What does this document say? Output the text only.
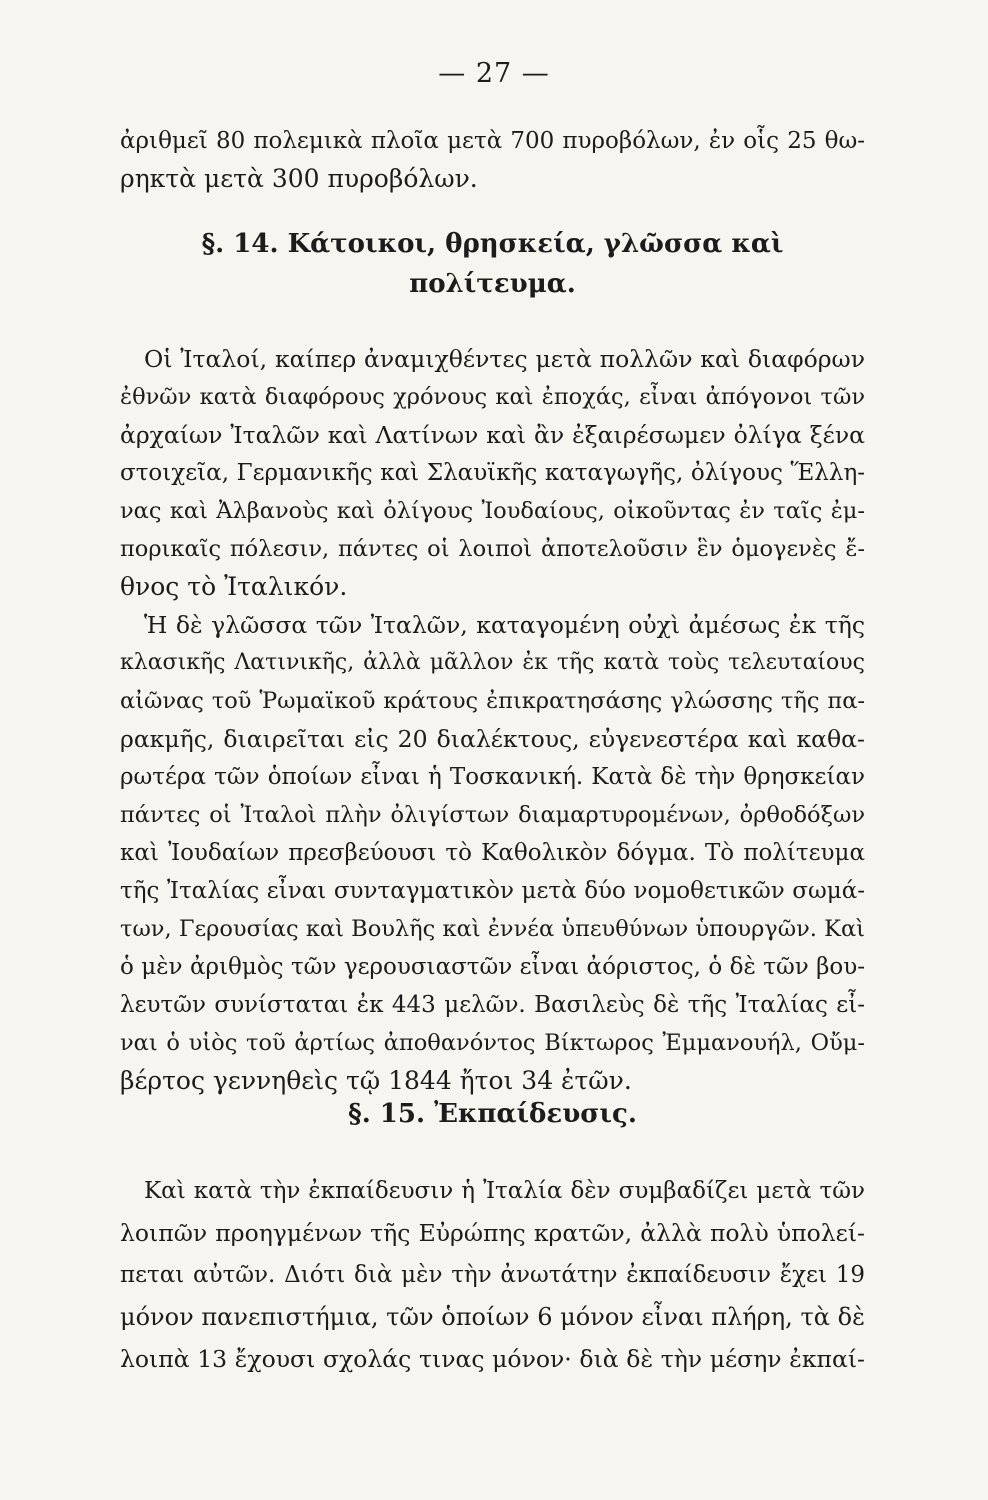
— 27 —
ἀριθμεῖ 80 πολεμικὰ πλοῖα μετὰ 700 πυροβόλων, ἐν οἷς 25 θω-
ρηκτὰ μετὰ 300 πυροβόλων.
§. 14. Κάτοικοι, θρησκεία, γλῶσσα καὶ
πολίτευμα.
Οἱ Ἰταλοί, καίπερ ἀναμιχθέντες μετὰ πολλῶν καὶ διαφόρων
ἐθνῶν κατὰ διαφόρους χρόνους καὶ ἐποχάς, εἶναι ἀπόγονοι τῶν
ἀρχαίων Ἰταλῶν καὶ Λατίνων καὶ ἂν ἐξαιρέσωμεν ὀλίγα ξένα
στοιχεῖα, Γερμανικῆς καὶ Σλαυϊκῆς καταγωγῆς, ὀλίγους Ἕλλη-
νας καὶ Ἀλβανοὺς καὶ ὀλίγους Ἰουδαίους, οἰκοῦντας ἐν ταῖς ἐμ-
πορικαῖς πόλεσιν, πάντες οἱ λοιποὶ ἀποτελοῦσιν ἓν ὁμογενὲς ἔ-
θνος τὸ Ἰταλικόν.
Ἡ δὲ γλῶσσα τῶν Ἰταλῶν, καταγομένη οὐχὶ ἀμέσως ἐκ τῆς
κλασικῆς Λατινικῆς, ἀλλὰ μᾶλλον ἐκ τῆς κατὰ τοὺς τελευταίους
αἰῶνας τοῦ Ῥωμαϊκοῦ κράτους ἐπικρατησάσης γλώσσης τῆς πα-
ρακμῆς, διαιρεῖται εἰς 20 διαλέκτους, εὐγενεστέρα καὶ καθα-
ρωτέρα τῶν ὁποίων εἶναι ἡ Τοσκανική. Κατὰ δὲ τὴν θρησκείαν
πάντες οἱ Ἰταλοὶ πλὴν ὀλιγίστων διαμαρτυρομένων, ὀρθοδόξων
καὶ Ἰουδαίων πρεσβεύουσι τὸ Καθολικὸν δόγμα. Τὸ πολίτευμα
τῆς Ἰταλίας εἶναι συνταγματικὸν μετὰ δύο νομοθετικῶν σωμά-
των, Γερουσίας καὶ Βουλῆς καὶ ἐννέα ὑπευθύνων ὑπουργῶν. Καὶ
ὁ μὲν ἀριθμὸς τῶν γερουσιαστῶν εἶναι ἀόριστος, ὁ δὲ τῶν βου-
λευτῶν συνίσταται ἐκ 443 μελῶν. Βασιλεὺς δὲ τῆς Ἰταλίας εἶ-
ναι ὁ υἱὸς τοῦ ἀρτίως ἀποθανόντος Βίκτωρος Ἐμμανουήλ, Οὔμ-
βέρτος γεννηθεὶς τῷ 1844 ἤτοι 34 ἐτῶν.
§. 15. Ἐκπαίδευσις.
Καὶ κατὰ τὴν ἐκπαίδευσιν ἡ Ἰταλία δὲν συμβαδίζει μετὰ τῶν
λοιπῶν προηγμένων τῆς Εὐρώπης κρατῶν, ἀλλὰ πολὺ ὑπολεί-
πεται αὐτῶν. Διότι διὰ μὲν τὴν ἀνωτάτην ἐκπαίδευσιν ἔχει 19
μόνον πανεπιστήμια, τῶν ὁποίων 6 μόνον εἶναι πλήρη, τὰ δὲ
λοιπὰ 13 ἔχουσι σχολάς τινας μόνον· διὰ δὲ τὴν μέσην ἐκπαί-
